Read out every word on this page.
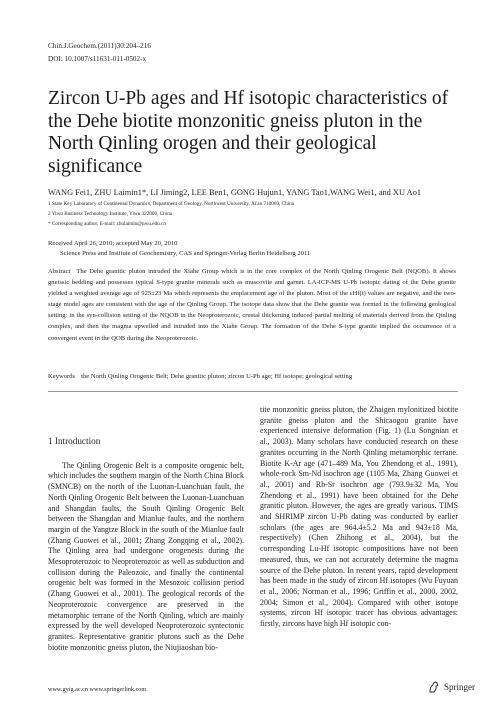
Chin.J.Geochem.(2011)30:204–216
DOI: 10.1007/s11631-011-0502-x
Zircon U-Pb ages and Hf isotopic characteristics of the Dehe biotite monzonitic gneiss pluton in the North Qinling orogen and their geological significance
WANG Fei1, ZHU Laimin1*, LI Jiming2, LEE Ben1, GONG Hujun1, YANG Tao1,WANG Wei1, and XU Ao1
1 State Key Laboratory of Continental Dynamics, Department of Geology, Northwest University, Xi'an 710069, China
2 Yiwu Business Technology Institute, Yiwu 322000, China
* Corresponding author, E-mail: zhulaimin@nwu.edu.cn
Received April 26, 2010; accepted May 20, 2010
Science Press and Institute of Geochemistry, CAS and Springer-Verlag Berlin Heidelberg 2011
Abstract The Dehe granitic pluton intruded the Xiahe Group which is in the core complex of the North Qinling Orogenic Belt (NQOB). It shows gneissic bedding and possesses typical S-type granite minerals such as muscovite and garnet. LA-ICP-MS U-Pb isotopic dating of the Dehe granite yielded a weighted average age of 925±23 Ma which represents the emplacement age of the pluton. Most of the εHf(t) values are negative, and the two-stage model ages are consistent with the age of the Qinling Group. The isotope data show that the Dehe granite was formed in the following geological setting: in the syn-collision setting of the NQOB in the Neoproterozoic, crustal thickening induced partial melting of materials derived from the Qinling complex, and then the magma upwelled and intruded into the Xiahe Group. The formation of the Dehe S-type granite implied the occurrence of a convergent event in the QOB during the Neoproterozoic.
Keywords the North Qinling Orogenic Belt; Dehe granitic pluton; zircon U-Pb age; Hf isotope; geological setting
1 Introduction
The Qinling Orogenic Belt is a composite orogenic belt, which includes the southern margin of the North China Block (SMNCB) on the north of the Luonan-Luanchuan fault, the North Qinling Orogenic Belt between the Luonan-Luanchuan and Shangdan faults, the South Qinling Orogenic Belt between the Shangdan and Mianlue faults, and the northern margin of the Yangtze Block in the south of the Mianlue fault (Zhang Guowei et al., 2001; Zhang Zongqing et al., 2002). The Qinling area had undergone orogenesis during the Mesoproterozoic to Neoproterozoic as well as subduction and collision during the Paleozoic, and finally the continental orogenic belt was formed in the Mesozoic collision period (Zhang Guowei et al., 2001). The geological records of the Neoproterozoic convergence are preserved in the metamorphic terrane of the North Qinling, which are mainly expressed by the well developed Neoproterozoic syntectonic granites. Representative granitic plutons such as the Dehe biotite monzonitic gneiss pluton, the Niujiaoshan bio-
tite monzonitic gneiss pluton, the Zhaigen mylonitized biotite granite gneiss pluton and the Shicaogou granite have experienced intensive deformation (Fig. 1) (Lu Songnian et al., 2003). Many scholars have conducted research on these granites occurring in the North Qinling metamorphic terrane. Biotite K-Ar age (471–489 Ma, You Zhendong et al., 1991), whole-rock Sm-Nd isochron age (1105 Ma, Zhang Guowei et al., 2001) and Rb-Sr isochron age (793.9±32 Ma, You Zhendong et al., 1991) have been obtained for the Dehe granitic pluton. However, the ages are greatly various. TIMS and SHRIMP zircon U-Pb dating was conducted by earlier scholars (the ages are 964.4±5.2 Ma and 943±18 Ma, respectively) (Chen Zhihong et al., 2004), but the corresponding Lu-Hf isotopic compositions have not been measured, thus, we can not accurately determine the magma source of the Dehe pluton. In recent years, rapid development has been made in the study of zircon Hf isotopes (Wu Fuyuan et al., 2006; Norman et al., 1996; Griffin et al., 2000, 2002, 2004; Simon et al., 2004). Compared with other isotope systems, zircon Hf isotopic tracer has obvious advantages: firstly, zircons have high Hf isotopic con-
www.gyig.ac.cn www.springerlink.com	Springer
